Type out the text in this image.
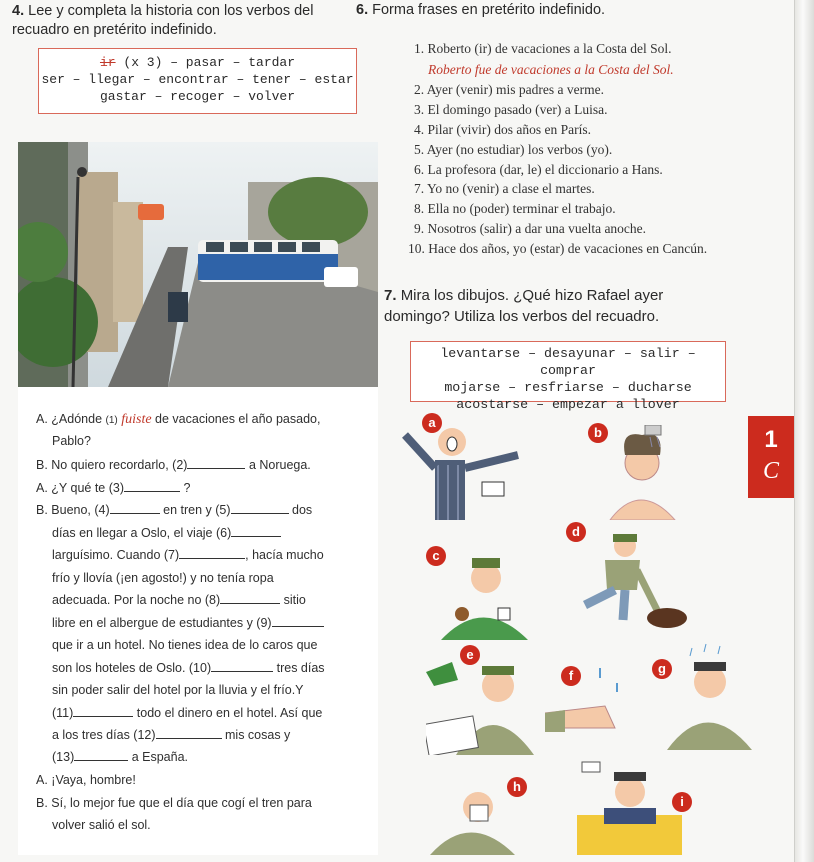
4. Lee y completa la historia con los verbos del recuadro en pretérito indefinido.
ir (x 3) – pasar – tardar
ser – llegar – encontrar – tener – estar
gastar – recoger – volver
A. ¿Adónde (1) fuiste de vacaciones el año pasado,
Pablo?
B. No quiero recordarlo, (2)	a Noruega.
A. ¿Y qué te (3)	?
B. Bueno, (4)	en tren y (5)	dos
días en llegar a Oslo, el viaje (6)
larguísimo. Cuando (7)	, hacía mucho
frío y llovía (¡en agosto!) y no tenía ropa
adecuada. Por la noche no (8)	sitio
libre en el albergue de estudiantes y (9)
que ir a un hotel. No tienes idea de lo caros que
son los hoteles de Oslo. (10)	tres días
sin poder salir del hotel por la lluvia y el frío.Y
(11)	todo el dinero en el hotel. Así que
a los tres días (12)	mis cosas y
(13)	a España.
A. ¡Vaya, hombre!
B. Sí, lo mejor fue que el día que cogí el tren para
volver salió el sol.
6. Forma frases en pretérito indefinido.
1. Roberto (ir) de vacaciones a la Costa del Sol.
Roberto fue de vacaciones a la Costa del Sol.
2. Ayer (venir) mis padres a verme.
3. El domingo pasado (ver) a Luisa.
4. Pilar (vivir) dos años en París.
5. Ayer (no estudiar) los verbos (yo).
6. La profesora (dar, le) el diccionario a Hans.
7. Yo no (venir) a clase el martes.
8. Ella no (poder) terminar el trabajo.
9. Nosotros (salir) a dar una vuelta anoche.
10. Hace dos años, yo (estar) de vacaciones en Cancún.
7. Mira los dibujos. ¿Qué hizo Rafael ayer domingo? Utiliza los verbos del recuadro.
levantarse – desayunar – salir – comprar
mojarse – resfriarse – ducharse
acostarse – empezar a llover
a
b
c
d
e
f	g
h
i
1
C
